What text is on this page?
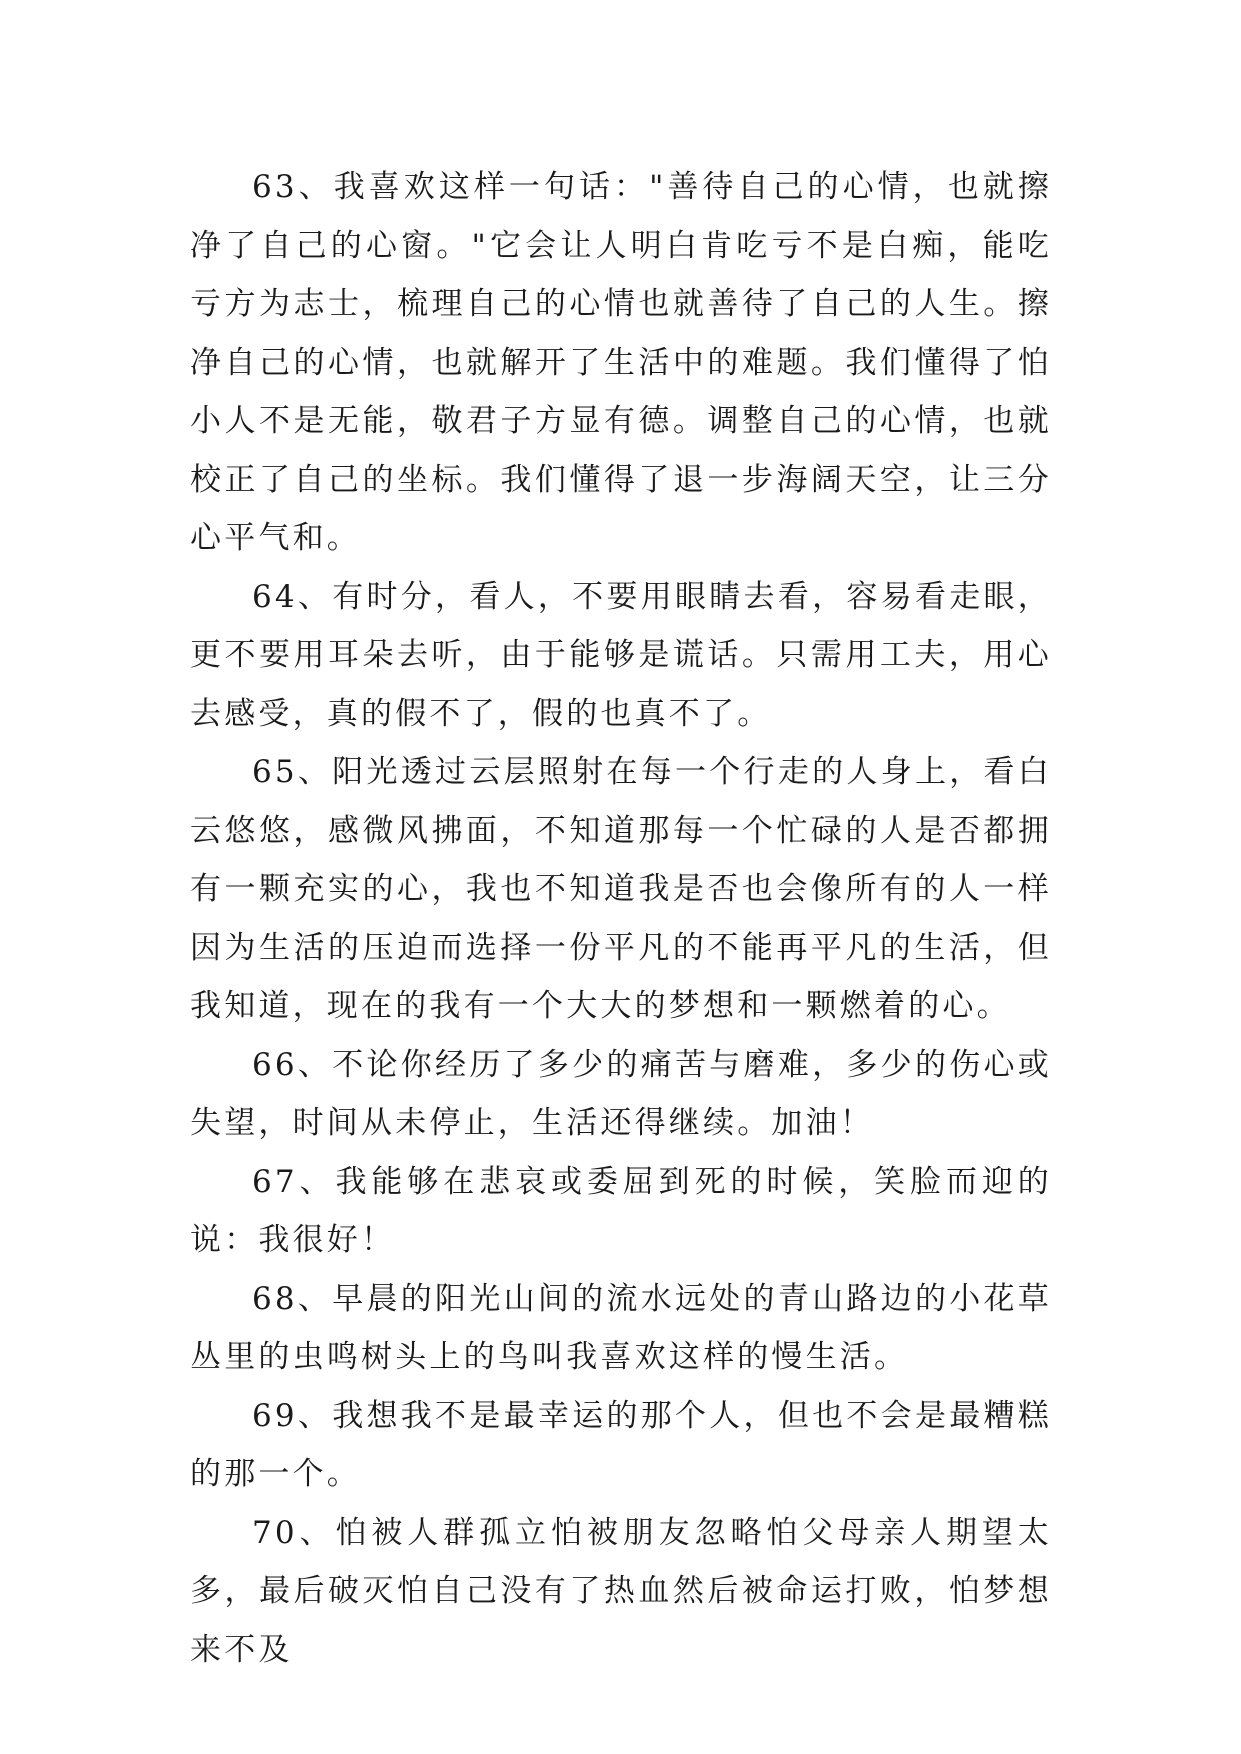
63、我喜欢这样一句话："善待自己的心情，也就擦净了自己的心窗。"它会让人明白肯吃亏不是白痴，能吃亏方为志士，梳理自己的心情也就善待了自己的人生。擦净自己的心情，也就解开了生活中的难题。我们懂得了怕小人不是无能，敬君子方显有德。调整自己的心情，也就校正了自己的坐标。我们懂得了退一步海阔天空，让三分心平气和。

64、有时分，看人，不要用眼睛去看，容易看走眼，更不要用耳朵去听，由于能够是谎话。只需用工夫，用心去感受，真的假不了，假的也真不了。

65、阳光透过云层照射在每一个行走的人身上，看白云悠悠，感微风拂面，不知道那每一个忙碌的人是否都拥有一颗充实的心，我也不知道我是否也会像所有的人一样因为生活的压迫而选择一份平凡的不能再平凡的生活，但我知道，现在的我有一个大大的梦想和一颗燃着的心。

66、不论你经历了多少的痛苦与磨难，多少的伤心或失望，时间从未停止，生活还得继续。加油！

67、我能够在悲哀或委屈到死的时候，笑脸而迎的说：我很好！

68、早晨的阳光山间的流水远处的青山路边的小花草丛里的虫鸣树头上的鸟叫我喜欢这样的慢生活。

69、我想我不是最幸运的那个人，但也不会是最糟糕的那一个。

70、怕被人群孤立怕被朋友忽略怕父母亲人期望太多，最后破灭怕自己没有了热血然后被命运打败，怕梦想来不及
